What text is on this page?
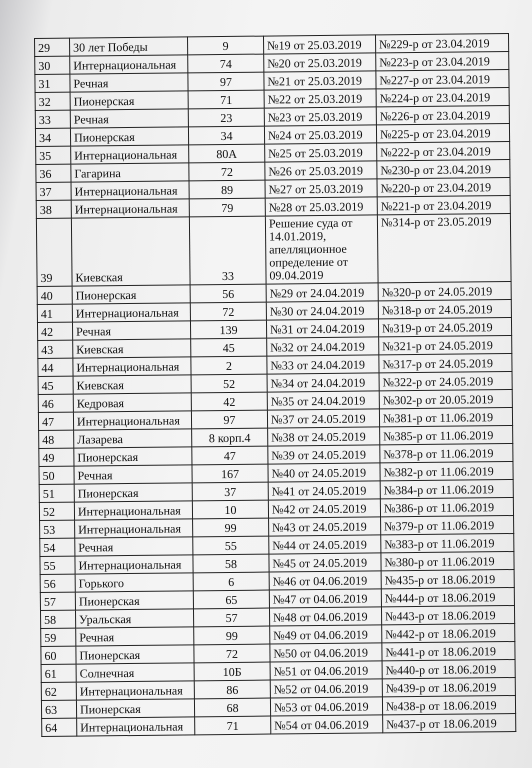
29	30 лет Победы	9	№19 от 25.03.2019	№229-р от 23.04.2019
30	Интернациональная	74	№20 от 25.03.2019	№223-р от 23.04.2019
31	Речная	97	№21 от 25.03.2019	№227-р от 23.04.2019
32	Пионерская	71	№22 от 25.03.2019	№224-р от 23.04.2019
33	Речная	23	№23 от 25.03.2019	№226-р от 23.04.2019
34	Пионерская	34	№24 от 25.03.2019	№225-р от 23.04.2019
35	Интернациональная	80А	№25 от 25.03.2019	№222-р от 23.04.2019
36	Гагарина	72	№26 от 25.03.2019	№230-р от 23.04.2019
37	Интернациональная	89	№27 от 25.03.2019	№220-р от 23.04.2019
38	Интернациональная	79	№28 от 25.03.2019	№221-р от 23.04.2019
39	Киевская	33	Решение суда от 14.01.2019, апелляционное определение от 09.04.2019	№314-р от 23.05.2019
40	Пионерская	56	№29 от 24.04.2019	№320-р от 24.05.2019
41	Интернациональная	72	№30 от 24.04.2019	№318-р от 24.05.2019
42	Речная	139	№31 от 24.04.2019	№319-р от 24.05.2019
43	Киевская	45	№32 от 24.04.2019	№321-р от 24.05.2019
44	Интернациональная	2	№33 от 24.04.2019	№317-р от 24.05.2019
45	Киевская	52	№34 от 24.04.2019	№322-р от 24.05.2019
46	Кедровая	42	№35 от 24.04.2019	№302-р от 20.05.2019
47	Интернациональная	97	№37 от 24.05.2019	№381-р от 11.06.2019
48	Лазарева	8 корп.4	№38 от 24.05.2019	№385-р от 11.06.2019
49	Пионерская	47	№39 от 24.05.2019	№378-р от 11.06.2019
50	Речная	167	№40 от 24.05.2019	№382-р от 11.06.2019
51	Пионерская	37	№41 от 24.05.2019	№384-р от 11.06.2019
52	Интернациональная	10	№42 от 24.05.2019	№386-р от 11.06.2019
53	Интернациональная	99	№43 от 24.05.2019	№379-р от 11.06.2019
54	Речная	55	№44 от 24.05.2019	№383-р от 11.06.2019
55	Интернациональная	58	№45 от 24.05.2019	№380-р от 11.06.2019
56	Горького	6	№46 от 04.06.2019	№435-р от 18.06.2019
57	Пионерская	65	№47 от 04.06.2019	№444-р от 18.06.2019
58	Уральская	57	№48 от 04.06.2019	№443-р от 18.06.2019
59	Речная	99	№49 от 04.06.2019	№442-р от 18.06.2019
60	Пионерская	72	№50 от 04.06.2019	№441-р от 18.06.2019
61	Солнечная	10Б	№51 от 04.06.2019	№440-р от 18.06.2019
62	Интернациональная	86	№52 от 04.06.2019	№439-р от 18.06.2019
63	Пионерская	68	№53 от 04.06.2019	№438-р от 18.06.2019
64	Интернациональная	71	№54 от 04.06.2019	№437-р от 18.06.2019
